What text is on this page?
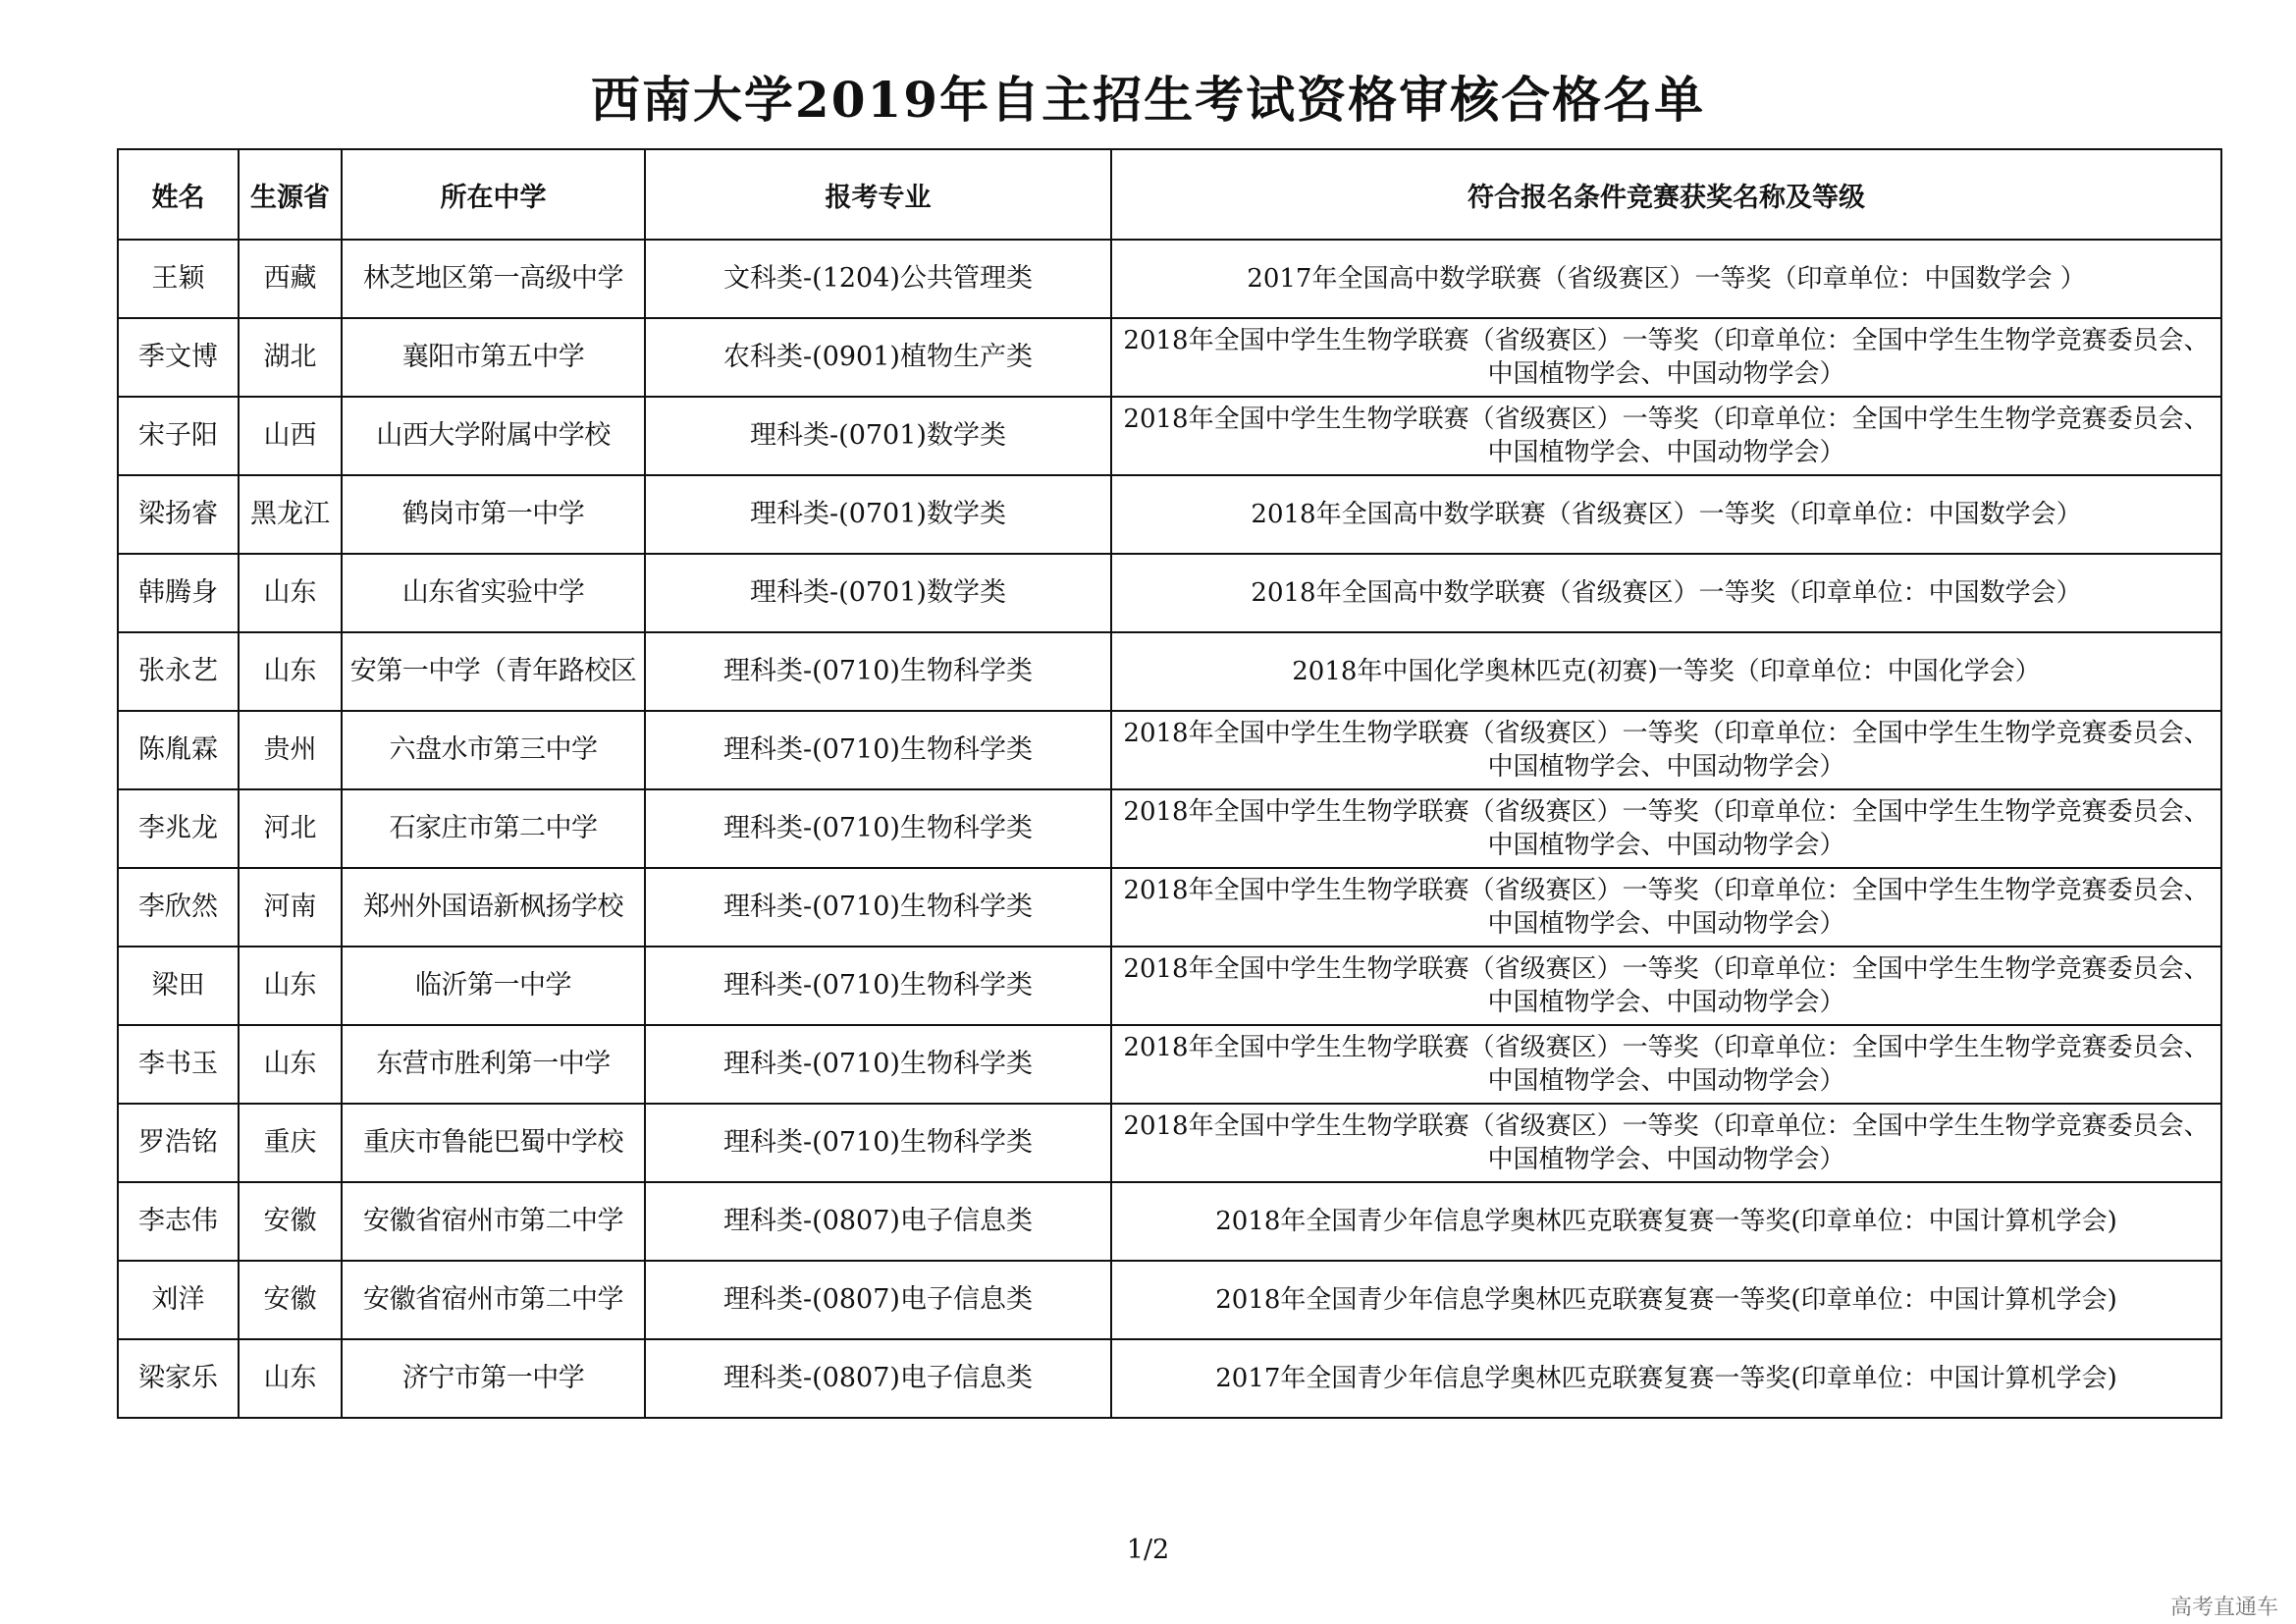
西南大学2019年自主招生考试资格审核合格名单
姓名	生源省	所在中学	报考专业	符合报名条件竞赛获奖名称及等级
王颖	西藏	林芝地区第一高级中学	文科类-(1204)公共管理类	2017年全国高中数学联赛（省级赛区）一等奖（印章单位：中国数学会 ）
季文博	湖北	襄阳市第五中学	农科类-(0901)植物生产类	2018年全国中学生生物学联赛（省级赛区）一等奖（印章单位：全国中学生生物学竞赛委员会、中国植物学会、中国动物学会）
宋子阳	山西	山西大学附属中学校	理科类-(0701)数学类	2018年全国中学生生物学联赛（省级赛区）一等奖（印章单位：全国中学生生物学竞赛委员会、中国植物学会、中国动物学会）
梁扬睿	黑龙江	鹤岗市第一中学	理科类-(0701)数学类	2018年全国高中数学联赛（省级赛区）一等奖（印章单位：中国数学会）
韩腾身	山东	山东省实验中学	理科类-(0701)数学类	2018年全国高中数学联赛（省级赛区）一等奖（印章单位：中国数学会）
张永艺	山东	安第一中学（青年路校区	理科类-(0710)生物科学类	2018年中国化学奥林匹克(初赛)一等奖（印章单位：中国化学会）
陈胤霖	贵州	六盘水市第三中学	理科类-(0710)生物科学类	2018年全国中学生生物学联赛（省级赛区）一等奖（印章单位：全国中学生生物学竞赛委员会、中国植物学会、中国动物学会）
李兆龙	河北	石家庄市第二中学	理科类-(0710)生物科学类	2018年全国中学生生物学联赛（省级赛区）一等奖（印章单位：全国中学生生物学竞赛委员会、中国植物学会、中国动物学会）
李欣然	河南	郑州外国语新枫扬学校	理科类-(0710)生物科学类	2018年全国中学生生物学联赛（省级赛区）一等奖（印章单位：全国中学生生物学竞赛委员会、中国植物学会、中国动物学会）
梁田	山东	临沂第一中学	理科类-(0710)生物科学类	2018年全国中学生生物学联赛（省级赛区）一等奖（印章单位：全国中学生生物学竞赛委员会、中国植物学会、中国动物学会）
李书玉	山东	东营市胜利第一中学	理科类-(0710)生物科学类	2018年全国中学生生物学联赛（省级赛区）一等奖（印章单位：全国中学生生物学竞赛委员会、中国植物学会、中国动物学会）
罗浩铭	重庆	重庆市鲁能巴蜀中学校	理科类-(0710)生物科学类	2018年全国中学生生物学联赛（省级赛区）一等奖（印章单位：全国中学生生物学竞赛委员会、中国植物学会、中国动物学会）
李志伟	安徽	安徽省宿州市第二中学	理科类-(0807)电子信息类	2018年全国青少年信息学奥林匹克联赛复赛一等奖(印章单位：中国计算机学会)
刘洋	安徽	安徽省宿州市第二中学	理科类-(0807)电子信息类	2018年全国青少年信息学奥林匹克联赛复赛一等奖(印章单位：中国计算机学会)
梁家乐	山东	济宁市第一中学	理科类-(0807)电子信息类	2017年全国青少年信息学奥林匹克联赛复赛一等奖(印章单位：中国计算机学会)
1/2
高考直通车
